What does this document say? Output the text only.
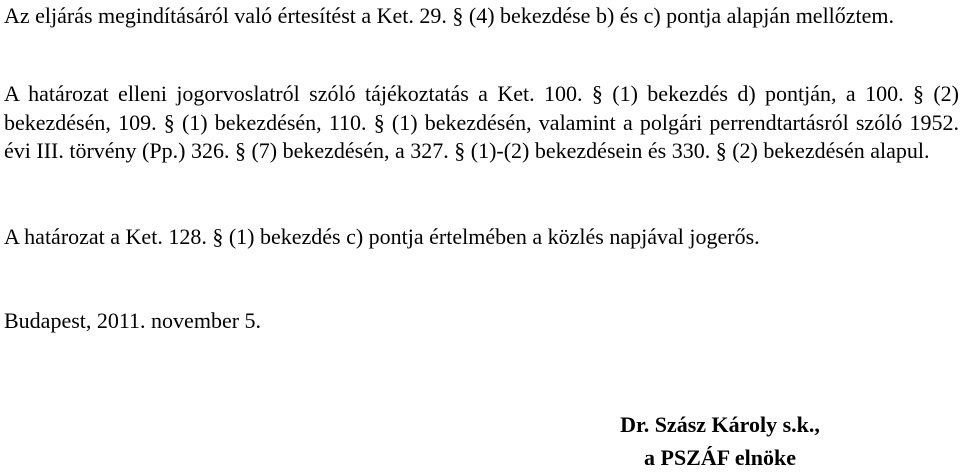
Az eljárás megindításáról való értesítést a Ket. 29. § (4) bekezdése b) és c) pontja alapján mellőztem.

A határozat elleni jogorvoslatról szóló tájékoztatás a Ket. 100. § (1) bekezdés d) pontján, a 100. § (2) bekezdésén, 109. § (1) bekezdésén, 110. § (1) bekezdésén, valamint a polgári perrendtartásról szóló 1952. évi III. törvény (Pp.) 326. § (7) bekezdésén, a 327. § (1)-(2) bekezdésein és 330. § (2) bekezdésén alapul.

A határozat a Ket. 128. § (1) bekezdés c) pontja értelmében a közlés napjával jogerős.

Budapest, 2011. november 5.

Dr. Szász Károly s.k.,
a PSZÁF elnöke
